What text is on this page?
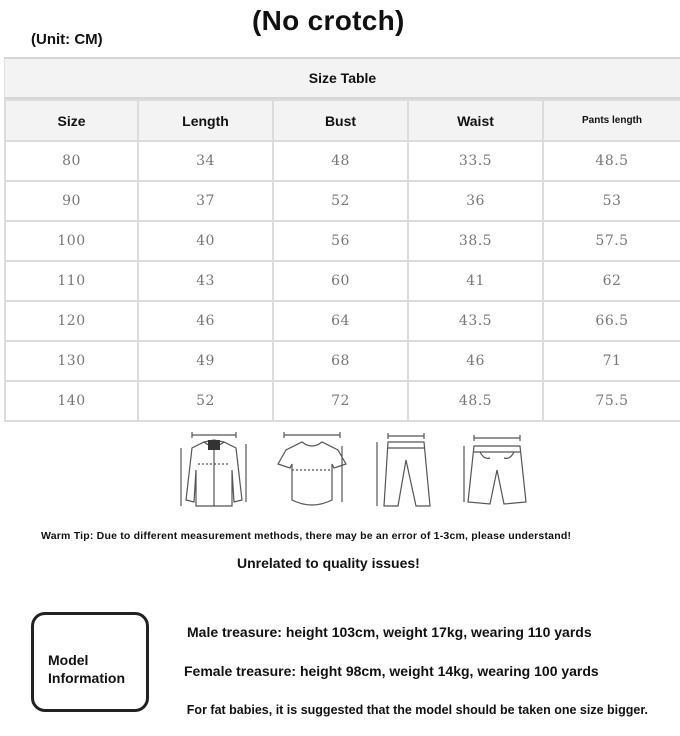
(Unit: CM)
(No crotch)
Size Table
Size	Length	Bust	Waist	Pants length
80	34	48	33.5	48.5
90	37	52	36	53
100	40	56	38.5	57.5
110	43	60	41	62
120	46	64	43.5	66.5
130	49	68	46	71
140	52	72	48.5	75.5
Warm Tip: Due to different measurement methods, there may be an error of 1-3cm, please understand!
Unrelated to quality issues!
Model
Information
Male treasure: height 103cm, weight 17kg, wearing 110 yards
Female treasure: height 98cm, weight 14kg, wearing 100 yards
For fat babies, it is suggested that the model should be taken one size bigger.
